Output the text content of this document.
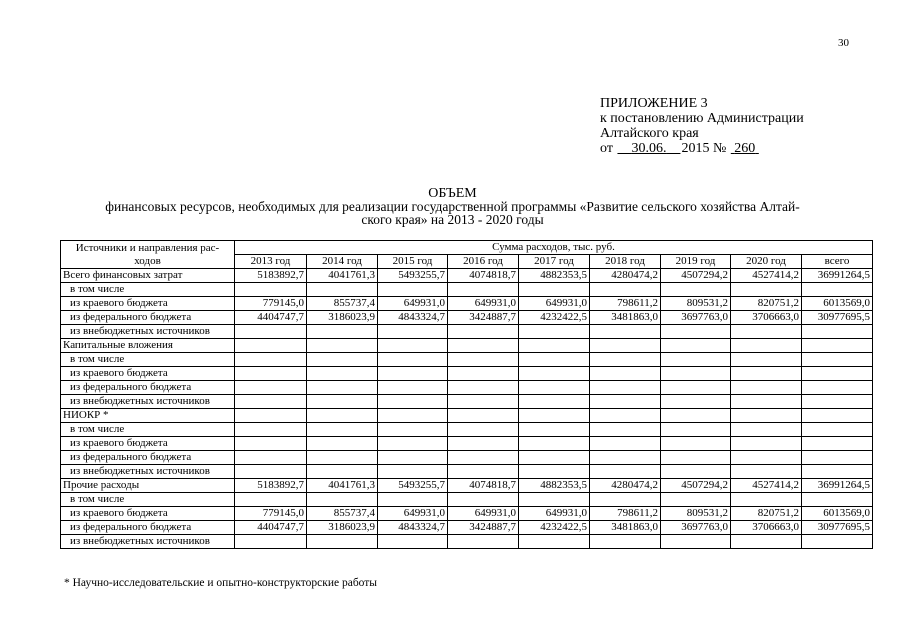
30
ПРИЛОЖЕНИЕ 3
к постановлению Администрации
Алтайского края
от 30.06. 2015 № 260
ОБЪЕМ
финансовых ресурсов, необходимых для реализации государственной программы «Развитие сельского хозяйства Алтай-
ского края» на 2013 - 2020 годы
Источники и направления рас-ходов	Сумма расходов, тыс. руб.								
	2013 год	2014 год	2015 год	2016 год	2017 год	2018 год	2019 год	2020 год	всего
Всего финансовых затрат	5183892,7	4041761,3	5493255,7	4074818,7	4882353,5	4280474,2	4507294,2	4527414,2	36991264,5
в том числе									
из краевого бюджета	779145,0	855737,4	649931,0	649931,0	649931,0	798611,2	809531,2	820751,2	6013569,0
из федерального бюджета	4404747,7	3186023,9	4843324,7	3424887,7	4232422,5	3481863,0	3697763,0	3706663,0	30977695,5
из внебюджетных источников									
Капитальные вложения									
в том числе									
из краевого бюджета									
из федерального бюджета									
из внебюджетных источников									
НИОКР *									
в том числе									
из краевого бюджета									
из федерального бюджета									
из внебюджетных источников									
Прочие расходы	5183892,7	4041761,3	5493255,7	4074818,7	4882353,5	4280474,2	4507294,2	4527414,2	36991264,5
в том числе									
из краевого бюджета	779145,0	855737,4	649931,0	649931,0	649931,0	798611,2	809531,2	820751,2	6013569,0
из федерального бюджета	4404747,7	3186023,9	4843324,7	3424887,7	4232422,5	3481863,0	3697763,0	3706663,0	30977695,5
из внебюджетных источников									
* Научно-исследовательские и опытно-конструкторские работы
